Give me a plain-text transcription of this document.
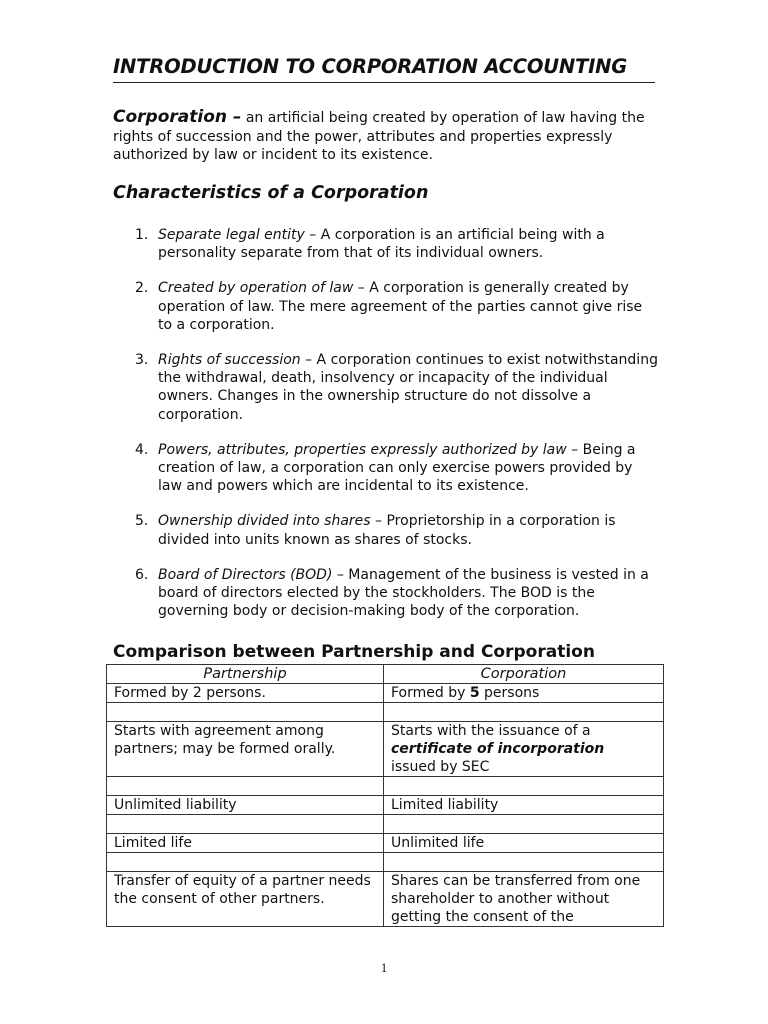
INTRODUCTION TO CORPORATION ACCOUNTING
Corporation – an artificial being created by operation of law having the rights of succession and the power, attributes and properties expressly authorized by law or incident to its existence.
Characteristics of a Corporation
1. Separate legal entity – A corporation is an artificial being with a personality separate from that of its individual owners.
2. Created by operation of law – A corporation is generally created by operation of law. The mere agreement of the parties cannot give rise to a corporation.
3. Rights of succession – A corporation continues to exist notwithstanding the withdrawal, death, insolvency or incapacity of the individual owners. Changes in the ownership structure do not dissolve a corporation.
4. Powers, attributes, properties expressly authorized by law – Being a creation of law, a corporation can only exercise powers provided by law and powers which are incidental to its existence.
5. Ownership divided into shares – Proprietorship in a corporation is divided into units known as shares of stocks.
6. Board of Directors (BOD) – Management of the business is vested in a board of directors elected by the stockholders. The BOD is the governing body or decision-making body of the corporation.
Comparison between Partnership and Corporation
Partnership	Corporation
Formed by 2 persons.	Formed by 5 persons

Starts with agreement among partners; may be formed orally.	Starts with the issuance of a
certificate of incorporation
issued by SEC

Unlimited liability	Limited liability

Limited life	Unlimited life

Transfer of equity of a partner needs the consent of other partners.	Shares can be transferred from one shareholder to another without getting the consent of the
1
